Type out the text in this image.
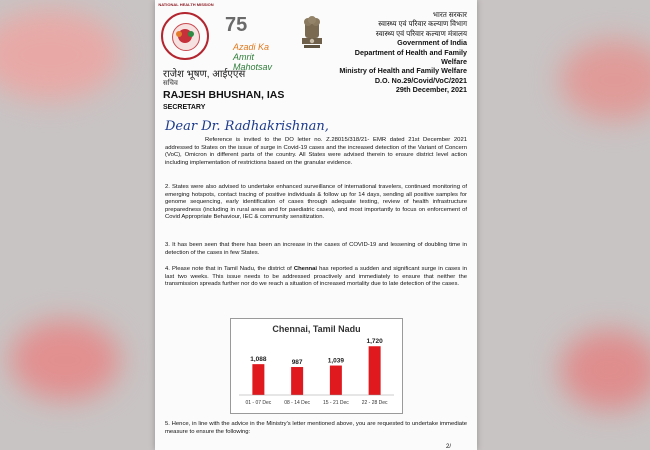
NATIONAL HEALTH MISSION
75
Azadi Ka
Amrit Mahotsav
भारत सरकार
स्वास्थ्य एवं परिवार कल्याण विभाग
स्वास्थ्य एवं परिवार कल्याण मंत्रालय
Government of India
Department of Health and Family Welfare
Ministry of Health and Family Welfare
D.O. No.29/Covid/VoC/2021
29th December, 2021
राजेश भूषण, आईएएस
सचिव
RAJESH BHUSHAN, IAS
SECRETARY
Dear Dr. Radhakrishnan,
Reference is invited to the DO letter no. Z.28015/318/21- EMR dated 21st December 2021 addressed to States on the issue of surge in Covid-19 cases and the increased detection of the Variant of Concern (VoC), Omicron in different parts of the country. All States were advised therein to ensure district level action including implementation of restrictions based on the granular evidence.
2. States were also advised to undertake enhanced surveillance of international travelers, continued monitoring of emerging hotspots, contact tracing of positive individuals & follow up for 14 days, sending all positive samples for genome sequencing, early identification of cases through adequate testing, review of health infrastructure preparedness (including in rural areas and for paediatric cases), and most importantly to focus on enforcement of Covid Appropriate Behaviour, IEC & community sensitization.
3. It has been seen that there has been an increase in the cases of COVID-19 and lessening of doubling time in detection of the cases in few States.
4. Please note that in Tamil Nadu, the district of Chennai has reported a sudden and significant surge in cases in last two weeks. This issue needs to be addressed proactively and immediately to ensure that neither the transmission spreads further nor do we reach a situation of increased mortality due to late detection of the cases.
Chennai, Tamil Nadu
1,088
01 - 07 Dec
987
08 - 14 Dec
1,039
15 - 21 Dec
1,720
22 - 28 Dec
5. Hence, in line with the advice in the Ministry's letter mentioned above, you are requested to undertake immediate measure to ensure the following:
2/
